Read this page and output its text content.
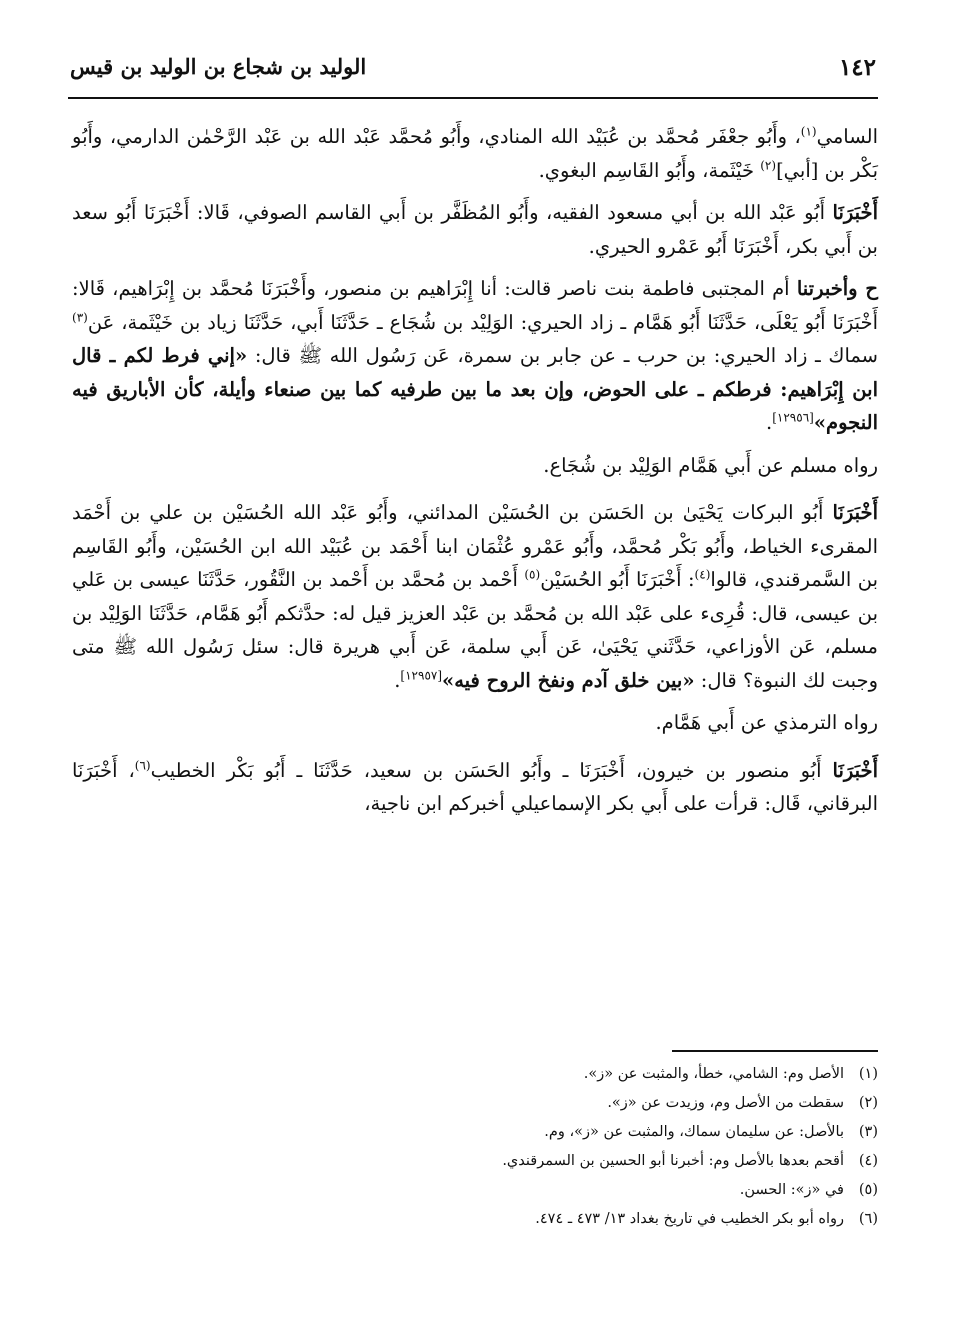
١٤٢
الوليد بن شجاع بن الوليد بن قيس

السامي$^{(١)}$، وأَبُو جعْفَر مُحمَّد بن عُبَيْد الله المنادي، وأَبُو مُحمَّد عَبْد الله بن عَبْد الرَّحْمٰن الدارمي، وأَبُو بَكْر بن [أبي]$^{(٢)}$ خَيْثَمة، وأَبُو القَاسِم البغوي.

أَخْبَرَنَا أَبُو عَبْد الله بن أبي مسعود الفقيه، وأَبُو المُظَفَّر بن أَبي القاسم الصوفي، قَالا: أَخْبَرَنَا أَبُو سعد بن أَبي بكر، أَخْبَرَنَا أَبُو عَمْرو الحيري.

ح وأخبرتنا أم المجتبى فاطمة بنت ناصر قالت: أنا إِبْرَاهيم بن منصور، وأَخْبَرَنَا مُحمَّد بن إِبْرَاهيم، قَالا: أَخْبَرَنَا أَبُو يَعْلَى، حَدَّثَنَا أَبُو هَمَّام ـ زاد الحيري: الوَلِيْد بن شُجَاع ـ حَدَّثَنَا أَبي، حَدَّثَنَا زياد بن خَيْثَمة، عَن$^{(٣)}$ سماك ـ زاد الحيري: بن حرب ـ عن جابر بن سمرة، عَن رَسُول الله ﷺ قال: «إني فرط لكم ـ قال ابن إِبْرَاهيم: فرطكم ـ على الحوض، وإن بعد ما بين طرفيه كما بين صنعاء وأيلة، كأن الأباريق فيه النجوم»[١٢٩٥٦].

رواه مسلم عن أَبي هَمَّام الوَلِيْد بن شُجَاع.

أَخْبَرَنَا أَبُو البركات يَحْيَىٰ بن الحَسَن بن الحُسَيْن المدائني، وأَبُو عَبْد الله الحُسَيْن بن علي بن أَحْمَد المقرىء الخياط، وأَبُو بَكْر مُحمَّد، وأَبُو عَمْرو عُثْمَان ابنا أَحْمَد بن عُبَيْد الله ابن الحُسَيْن، وأَبُو القَاسِم بن السَّمرقندي، قالوا$^{(٤)}$: أَخْبَرَنَا أَبُو الحُسَيْن$^{(٥)}$ أَحْمد بن مُحمَّد بن أَحْمد بن النَّقُور، حَدَّثَنَا عيسى بن عَلي بن عيسى، قال: قُرِىء على عَبْد الله بن مُحمَّد بن عَبْد العزيز قيل له: حدَّثكم أَبُو هَمَّام، حَدَّثَنَا الوَلِيْد بن مسلم، عَن الأوزاعي، حَدَّثَني يَحْيَىٰ، عَن أَبي سلمة، عَن أَبي هريرة قال: سئل رَسُول الله ﷺ متى وجبت لك النبوة؟ قال: «بين خلق آدم ونفخ الروح فيه»[١٢٩٥٧].

رواه الترمذي عن أَبي هَمَّام.

أَخْبَرَنَا أَبُو منصور بن خيرون، أَخْبَرَنَا ـ وأَبُو الحَسَن بن سعيد، حَدَّثَنَا ـ أَبُو بَكْر الخطيب$^{(٦)}$، أَخْبَرَنَا البرقاني، قَال: قرأت على أَبي بكر الإسماعيلي أخبركم ابن ناجية،

(١)الأصل وم: الشامي، خطأ، والمثبت عن «ز».
(٢)سقطت من الأصل وم، وزيدت عن «ز».
(٣)بالأصل: عن سليمان سماك، والمثبت عن «ز»، وم.
(٤)أقحم بعدها بالأصل وم: أخبرنا أبو الحسين بن السمرقندي.
(٥)في «ز»: الحسن.
(٦)رواه أبو بكر الخطيب في تاريخ بغداد ١٣/ ٤٧٣ ـ ٤٧٤.
